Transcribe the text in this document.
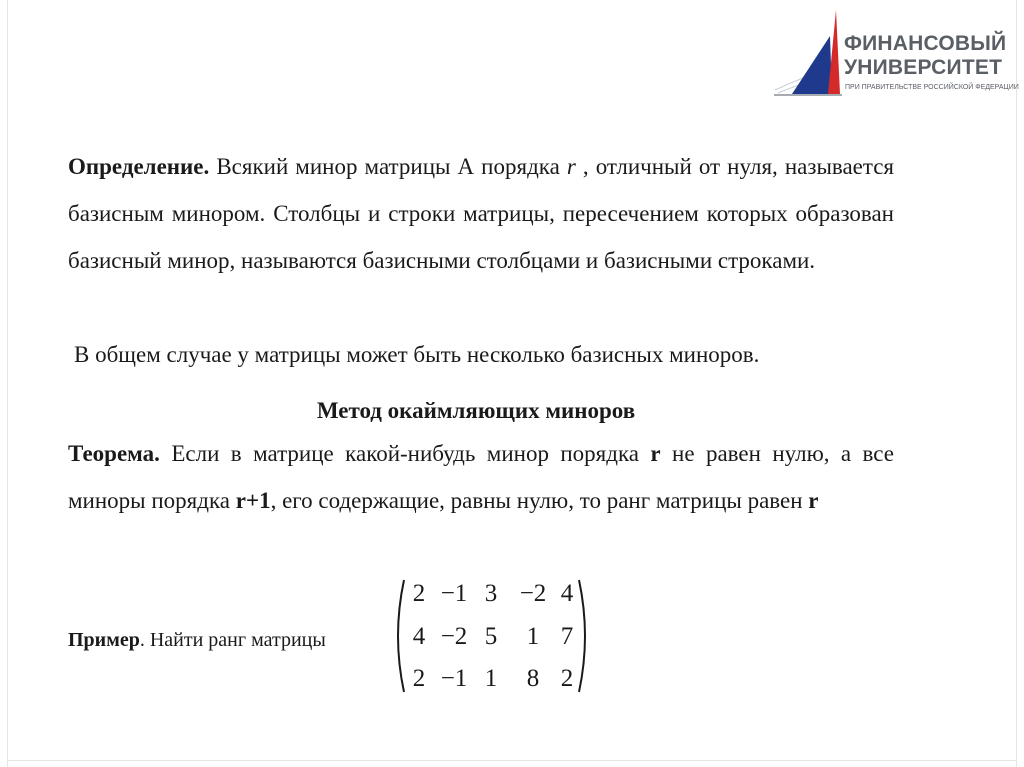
ФИНАНСОВЫЙ
УНИВЕРСИТЕТ
ПРИ ПРАВИТЕЛЬСТВЕ РОССИЙСКОЙ ФЕДЕРАЦИИ
Определение. Всякий минор матрицы А порядка r , отличный от нуля, называется базисным минором. Столбцы и строки матрицы, пересечением которых образован базисный минор, называются базисными столбцами и базисными строками.
В общем случае у матрицы может быть несколько базисных миноров.
Метод окаймляющих миноров
Теорема. Если в матрице какой-нибудь минор порядка r не равен нулю, а все миноры порядка r+1, его содержащие, равны нулю, то ранг матрицы равен r
Пример. Найти ранг матрицы
2 −1 3 −2 4
4 −2 5	1 7
2 −1 1	8 2
